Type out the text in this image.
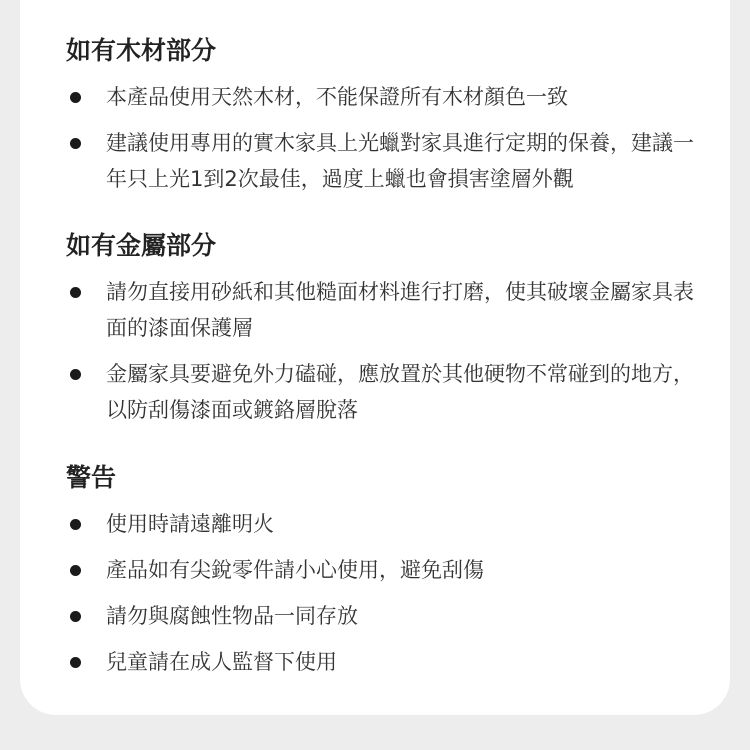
如有木材部分
本產品使用天然木材，不能保證所有木材顏色一致
建議使用專用的實木家具上光蠟對家具進行定期的保養，建議一年只上光1到2次最佳，過度上蠟也會損害塗層外觀
如有金屬部分
請勿直接用砂紙和其他糙面材料進行打磨，使其破壞金屬家具表面的漆面保護層
金屬家具要避免外力磕碰，應放置於其他硬物不常碰到的地方，以防刮傷漆面或鍍鉻層脫落
警告
使用時請遠離明火
產品如有尖銳零件請小心使用，避免刮傷
請勿與腐蝕性物品一同存放
兒童請在成人監督下使用
